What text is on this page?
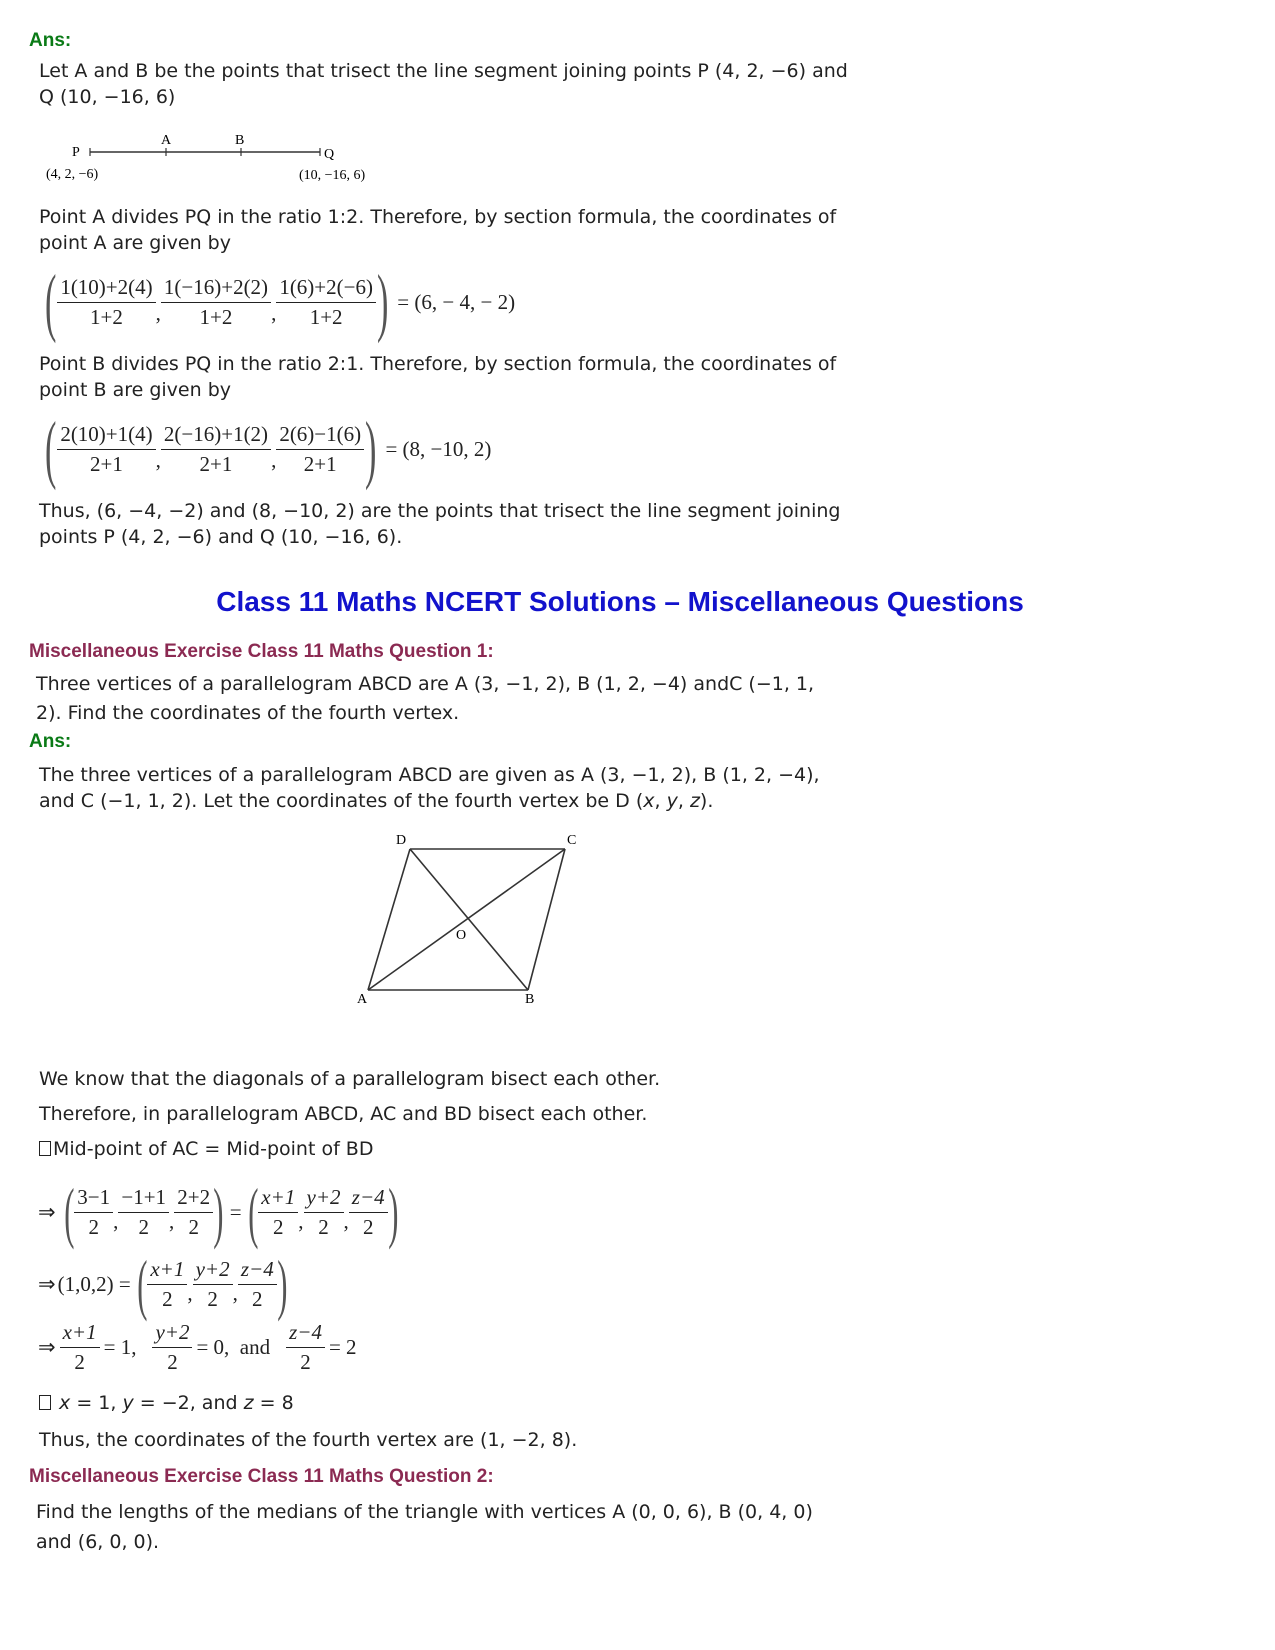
Ans:
Let A and B be the points that trisect the line segment joining points P (4, 2, −6) and
Q (10, −16, 6)
P
A	B
Q
(4, 2, −6)	(10, −16, 6)
Point A divides PQ in the ratio 1:2. Therefore, by section formula, the coordinates of
point A are given by
( $\frac{1(10)+2(4)}{1+2}$ , $\frac{1(-16)+2(2)}{1+2}$ , $\frac{1(6)+2(-6)}{1+2}$ ) = (6, − 4, − 2)
Point B divides PQ in the ratio 2:1. Therefore, by section formula, the coordinates of
point B are given by
( $\frac{2(10)+1(4)}{2+1}$ , $\frac{2(-16)+1(2)}{2+1}$ , $\frac{2(6)-1(6)}{2+1}$ ) = (8, −10, 2)
Thus, (6, −4, −2) and (8, −10, 2) are the points that trisect the line segment joining
points P (4, 2, −6) and Q (10, −16, 6).
Class 11 Maths NCERT Solutions – Miscellaneous Questions
Miscellaneous Exercise Class 11 Maths Question 1:
Three vertices of a parallelogram ABCD are A (3, −1, 2), B (1, 2, −4) andC (−1, 1,
2). Find the coordinates of the fourth vertex.
Ans:
The three vertices of a parallelogram ABCD are given as A (3, −1, 2), B (1, 2, −4),
and C (−1, 1, 2). Let the coordinates of the fourth vertex be D (x, y, z).
D	C
A	B
O
We know that the diagonals of a parallelogram bisect each other.
Therefore, in parallelogram ABCD, AC and BD bisect each other.
Mid-point of AC = Mid-point of BD
⇒ ( $\frac{3-1}{2}$ , $\frac{-1+1}{2}$ , $\frac{2+2}{2}$ ) = ( $\frac{x+1}{2}$ , $\frac{y+2}{2}$ , $\frac{z-4}{2}$ )
⇒ (1,0,2) = ( $\frac{x+1}{2}$ , $\frac{y+2}{2}$ , $\frac{z-4}{2}$ )
⇒ $\frac{x+1}{2} = 1$, $\frac{y+2}{2} = 0$,  and $\frac{z-4}{2} = 2$
x = 1, y = −2, and z = 8
Thus, the coordinates of the fourth vertex are (1, −2, 8).
Miscellaneous Exercise Class 11 Maths Question 2:
Find the lengths of the medians of the triangle with vertices A (0, 0, 6), B (0, 4, 0)
and (6, 0, 0).
